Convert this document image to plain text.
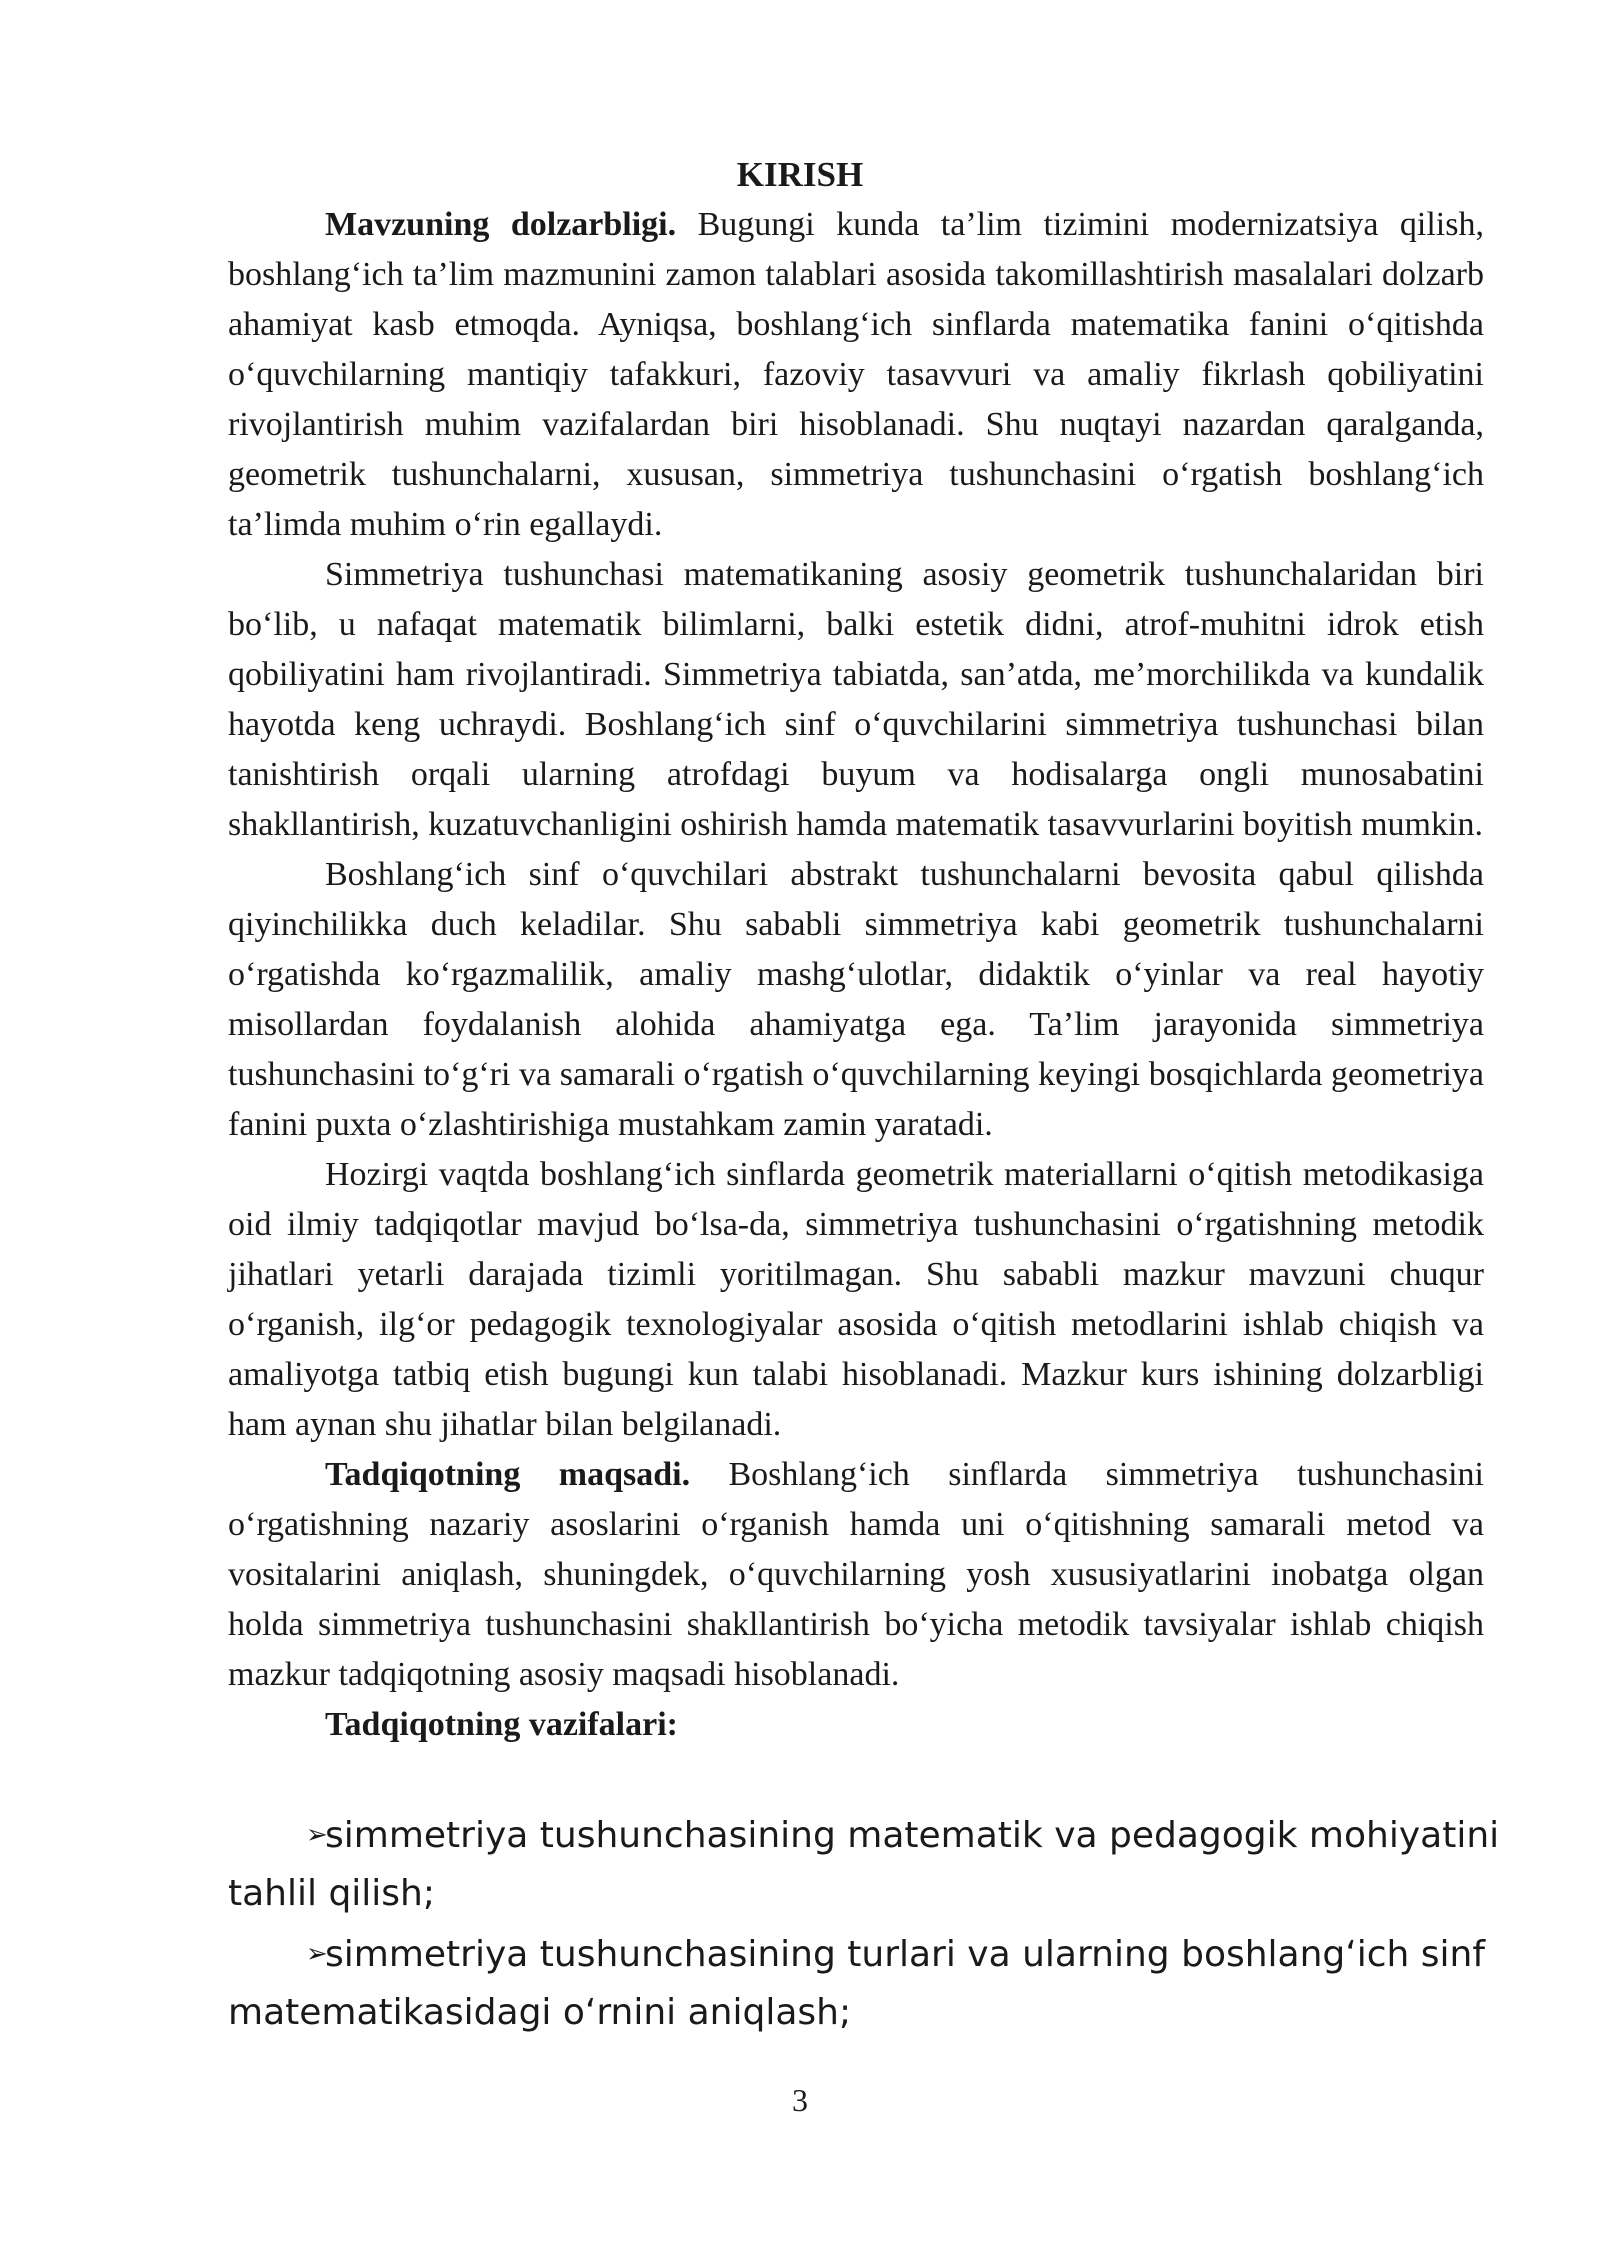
KIRISH

Mavzuning dolzarbligi. Bugungi kunda ta’lim tizimini modernizatsiya qilish, boshlang‘ich ta’lim mazmunini zamon talablari asosida takomillashtirish masalalari dolzarb ahamiyat kasb etmoqda. Ayniqsa, boshlang‘ich sinflarda matematika fanini o‘qitishda o‘quvchilarning mantiqiy tafakkuri, fazoviy tasavvuri va amaliy fikrlash qobiliyatini rivojlantirish muhim vazifalardan biri hisoblanadi. Shu nuqtayi nazardan qaralganda, geometrik tushunchalarni, xususan, simmetriya tushunchasini o‘rgatish boshlang‘ich ta’limda muhim o‘rin egallaydi.

Simmetriya tushunchasi matematikaning asosiy geometrik tushunchalaridan biri bo‘lib, u nafaqat matematik bilimlarni, balki estetik didni, atrof-muhitni idrok etish qobiliyatini ham rivojlantiradi. Simmetriya tabiatda, san’atda, me’morchilikda va kundalik hayotda keng uchraydi. Boshlang‘ich sinf o‘quvchilarini simmetriya tushunchasi bilan tanishtirish orqali ularning atrofdagi buyum va hodisalarga ongli munosabatini shakllantirish, kuzatuvchanligini oshirish hamda matematik tasavvurlarini boyitish mumkin.

Boshlang‘ich sinf o‘quvchilari abstrakt tushunchalarni bevosita qabul qilishda qiyinchilikka duch keladilar. Shu sababli simmetriya kabi geometrik tushunchalarni o‘rgatishda ko‘rgazmalilik, amaliy mashg‘ulotlar, didaktik o‘yinlar va real hayotiy misollardan foydalanish alohida ahamiyatga ega. Ta’lim jarayonida simmetriya tushunchasini to‘g‘ri va samarali o‘rgatish o‘quvchilarning keyingi bosqichlarda geometriya fanini puxta o‘zlashtirishiga mustahkam zamin yaratadi.

Hozirgi vaqtda boshlang‘ich sinflarda geometrik materiallarni o‘qitish metodikasiga oid ilmiy tadqiqotlar mavjud bo‘lsa-da, simmetriya tushunchasini o‘rgatishning metodik jihatlari yetarli darajada tizimli yoritilmagan. Shu sababli mazkur mavzuni chuqur o‘rganish, ilg‘or pedagogik texnologiyalar asosida o‘qitish metodlarini ishlab chiqish va amaliyotga tatbiq etish bugungi kun talabi hisoblanadi. Mazkur kurs ishining dolzarbligi ham aynan shu jihatlar bilan belgilanadi.

Tadqiqotning maqsadi. Boshlang‘ich sinflarda simmetriya tushunchasini o‘rgatishning nazariy asoslarini o‘rganish hamda uni o‘qitishning samarali metod va vositalarini aniqlash, shuningdek, o‘quvchilarning yosh xususiyatlarini inobatga olgan holda simmetriya tushunchasini shakllantirish bo‘yicha metodik tavsiyalar ishlab chiqish mazkur tadqiqotning asosiy maqsadi hisoblanadi.

Tadqiqotning vazifalari:

➢simmetriya tushunchasining matematik va pedagogik mohiyatini tahlil qilish;

➢simmetriya tushunchasining turlari va ularning boshlang‘ich sinf matematikasidagi o‘rnini aniqlash;

3
